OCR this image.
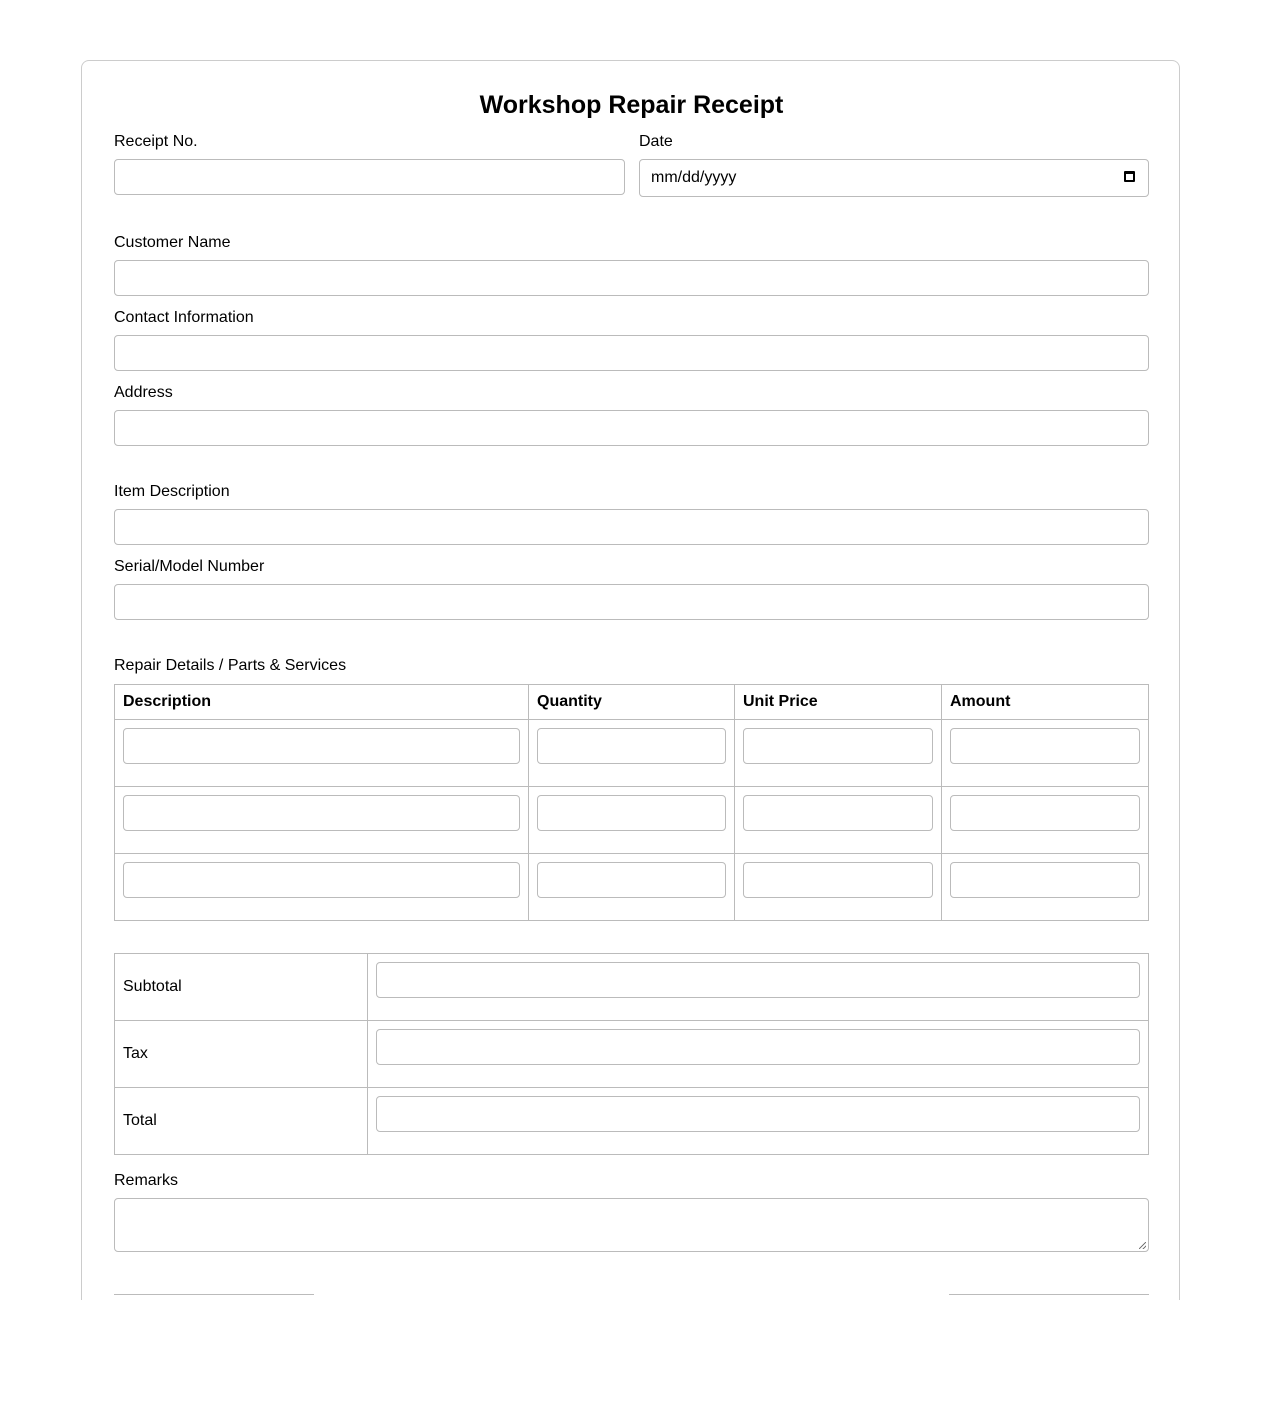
Workshop Repair Receipt
Receipt No.	Date
mm/dd/yyyy
Customer Name
Contact Information
Address
Item Description
Serial/Model Number
Repair Details / Parts & Services
Description	Quantity	Unit Price	Amount

Subtotal	

Tax	

Total	
Remarks
